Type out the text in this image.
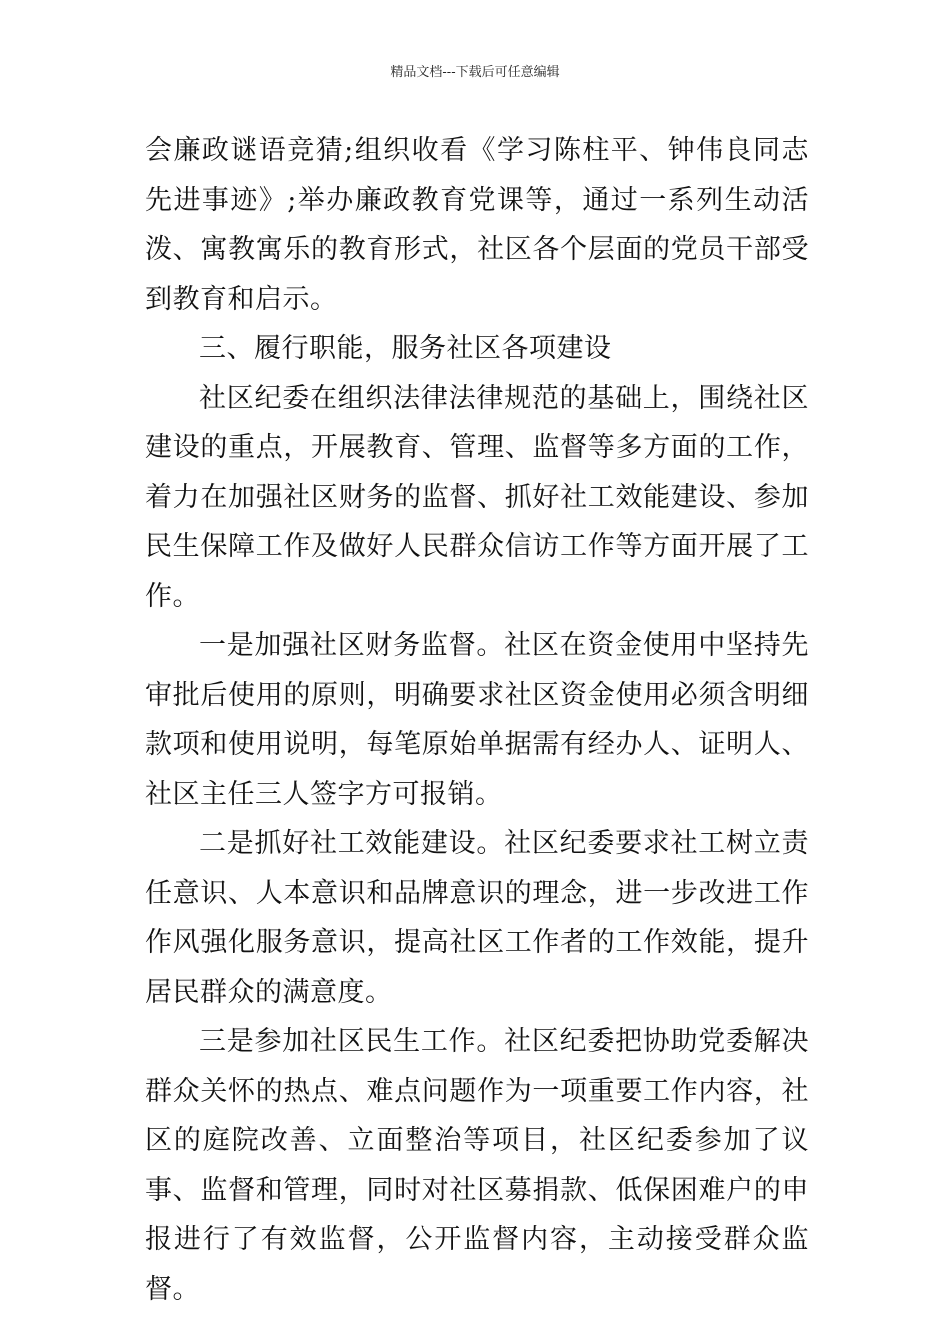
精品文档---下载后可任意编辑

会廉政谜语竞猜;组织收看《学习陈柱平、钟伟良同志先进事迹》;举办廉政教育党课等，通过一系列生动活泼、寓教寓乐的教育形式，社区各个层面的党员干部受到教育和启示。

三、履行职能，服务社区各项建设

社区纪委在组织法律法律规范的基础上，围绕社区建设的重点，开展教育、管理、监督等多方面的工作，着力在加强社区财务的监督、抓好社工效能建设、参加民生保障工作及做好人民群众信访工作等方面开展了工作。

一是加强社区财务监督。社区在资金使用中坚持先审批后使用的原则，明确要求社区资金使用必须含明细款项和使用说明，每笔原始单据需有经办人、证明人、社区主任三人签字方可报销。

二是抓好社工效能建设。社区纪委要求社工树立责任意识、人本意识和品牌意识的理念，进一步改进工作作风强化服务意识，提高社区工作者的工作效能，提升居民群众的满意度。

三是参加社区民生工作。社区纪委把协助党委解决群众关怀的热点、难点问题作为一项重要工作内容，社区的庭院改善、立面整治等项目，社区纪委参加了议事、监督和管理，同时对社区募捐款、低保困难户的申报进行了有效监督，公开监督内容，主动接受群众监督。
